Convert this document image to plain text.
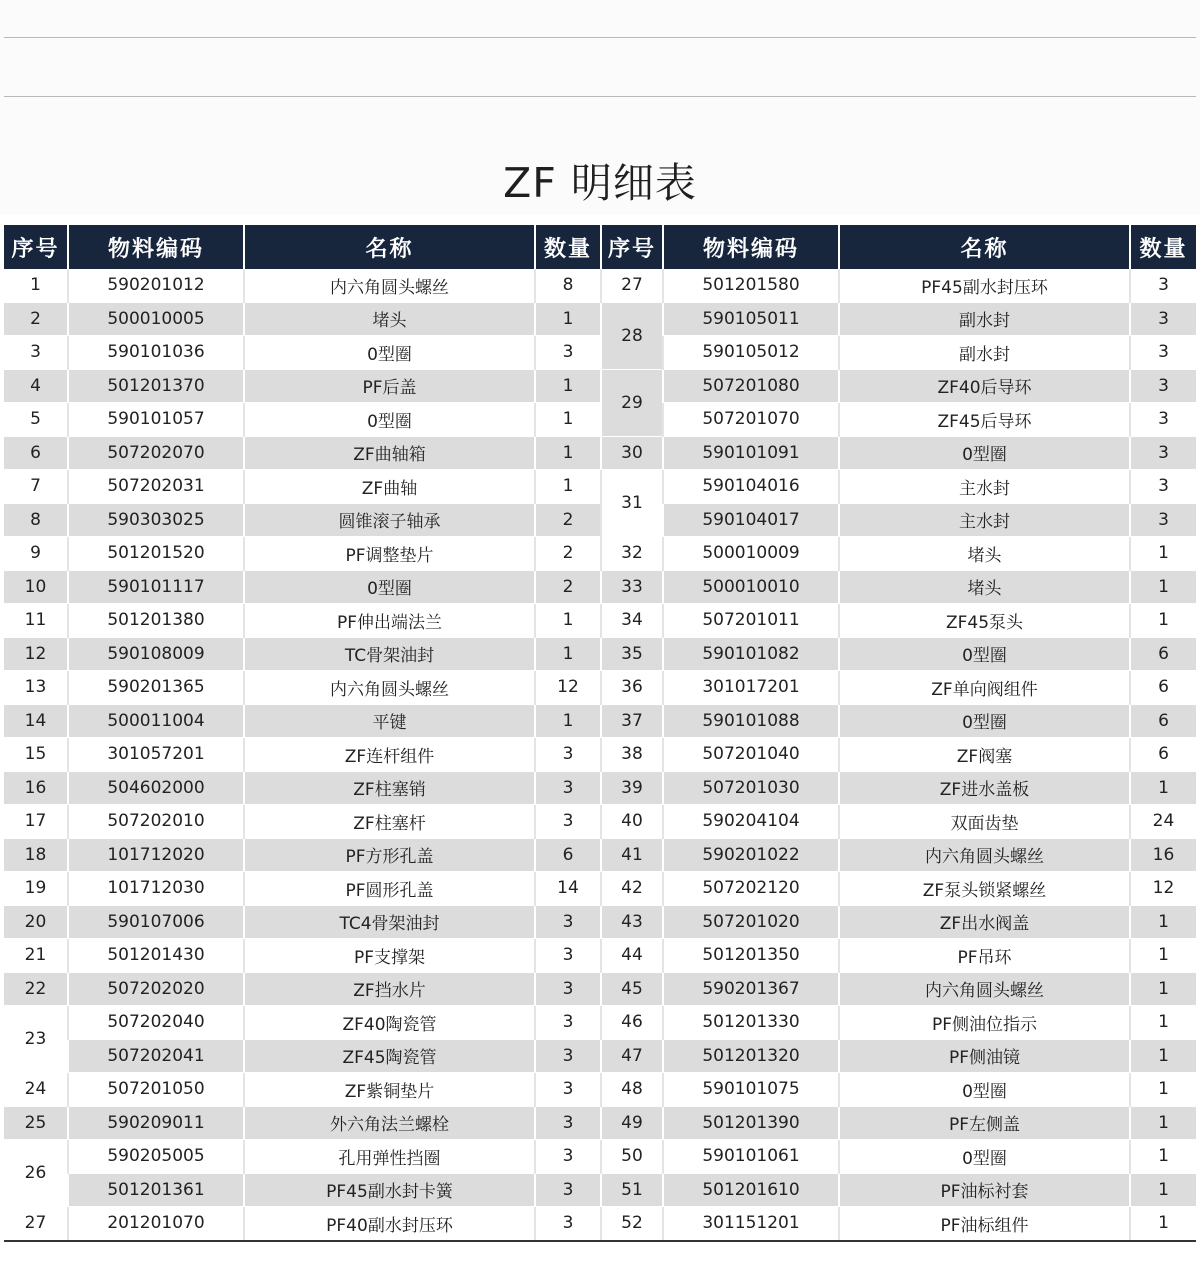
ZF 明细表
序号	物料编码	名称	数量	序号	物料编码	名称	数量
1	590201012	内六角圆头螺丝	8	27	501201580	PF45副水封压环	3
2	500010005	堵头	1	28	590105011	副水封	3
3	590101036	0型圈	3		590105012	副水封	3
4	501201370	PF后盖	1	29	507201080	ZF40后导环	3
5	590101057	0型圈	1		507201070	ZF45后导环	3
6	507202070	ZF曲轴箱	1	30	590101091	0型圈	3
7	507202031	ZF曲轴	1	31	590104016	主水封	3
8	590303025	圆锥滚子轴承	2		590104017	主水封	3
9	501201520	PF调整垫片	2	32	500010009	堵头	1
10	590101117	0型圈	2	33	500010010	堵头	1
11	501201380	PF伸出端法兰	1	34	507201011	ZF45泵头	1
12	590108009	TC骨架油封	1	35	590101082	0型圈	6
13	590201365	内六角圆头螺丝	12	36	301017201	ZF单向阀组件	6
14	500011004	平键	1	37	590101088	0型圈	6
15	301057201	ZF连杆组件	3	38	507201040	ZF阀塞	6
16	504602000	ZF柱塞销	3	39	507201030	ZF进水盖板	1
17	507202010	ZF柱塞杆	3	40	590204104	双面齿垫	24
18	101712020	PF方形孔盖	6	41	590201022	内六角圆头螺丝	16
19	101712030	PF圆形孔盖	14	42	507202120	ZF泵头锁紧螺丝	12
20	590107006	TC4骨架油封	3	43	507201020	ZF出水阀盖	1
21	501201430	PF支撑架	3	44	501201350	PF吊环	1
22	507202020	ZF挡水片	3	45	590201367	内六角圆头螺丝	1
23	507202040	ZF40陶瓷管	3	46	501201330	PF侧油位指示	1
	507202041	ZF45陶瓷管	3	47	501201320	PF侧油镜	1
24	507201050	ZF紫铜垫片	3	48	590101075	0型圈	1
25	590209011	外六角法兰螺栓	3	49	501201390	PF左侧盖	1
26	590205005	孔用弹性挡圈	3	50	590101061	0型圈	1
	501201361	PF45副水封卡簧	3	51	501201610	PF油标衬套	1
27	201201070	PF40副水封压环	3	52	301151201	PF油标组件	1
